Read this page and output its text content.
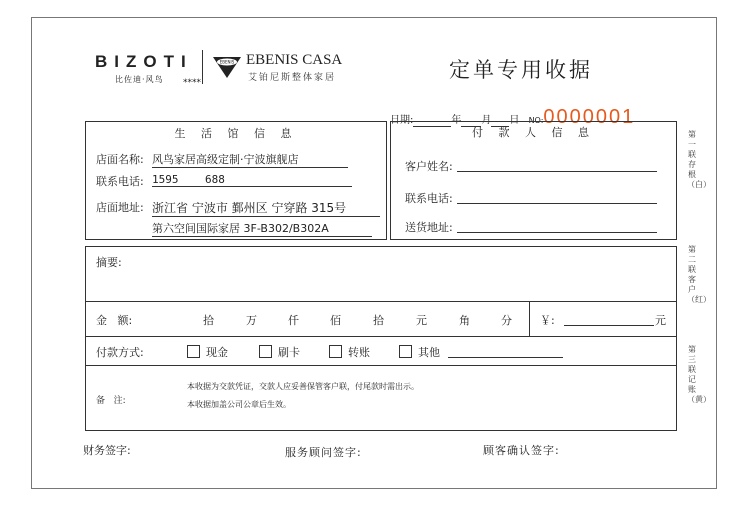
BIZOTI
比佐迪·风鸟 ****
EBENIS EBENIS CASA
艾铂尼斯整体家居	定单专用收据
日期:	年 月 日 NO:0000001
生 活 馆 信 息
店面名称: 风鸟家居高级定制·宁波旗舰店
联系电话: 1595    688
店面地址: 浙江省 宁波市 鄞州区 宁穿路 315号
第六空间国际家居 3F-B302/B302A
付 款 人 信 息
客户姓名:
联系电话:
送货地址:
摘要:
金   额:	拾	万	仟	佰	拾	元	角	分	￥:	元
付款方式:	现金	刷卡	转账	其他
备   注:
本收据为交款凭证，交款人应妥善保管客户联，付尾款时需出示。
本收据加盖公司公章后生效。
财务签字:	服务顾问签字:	顾客确认签字:
第一联存根（白）
第二联客户（红）
第三联记账（黄）
